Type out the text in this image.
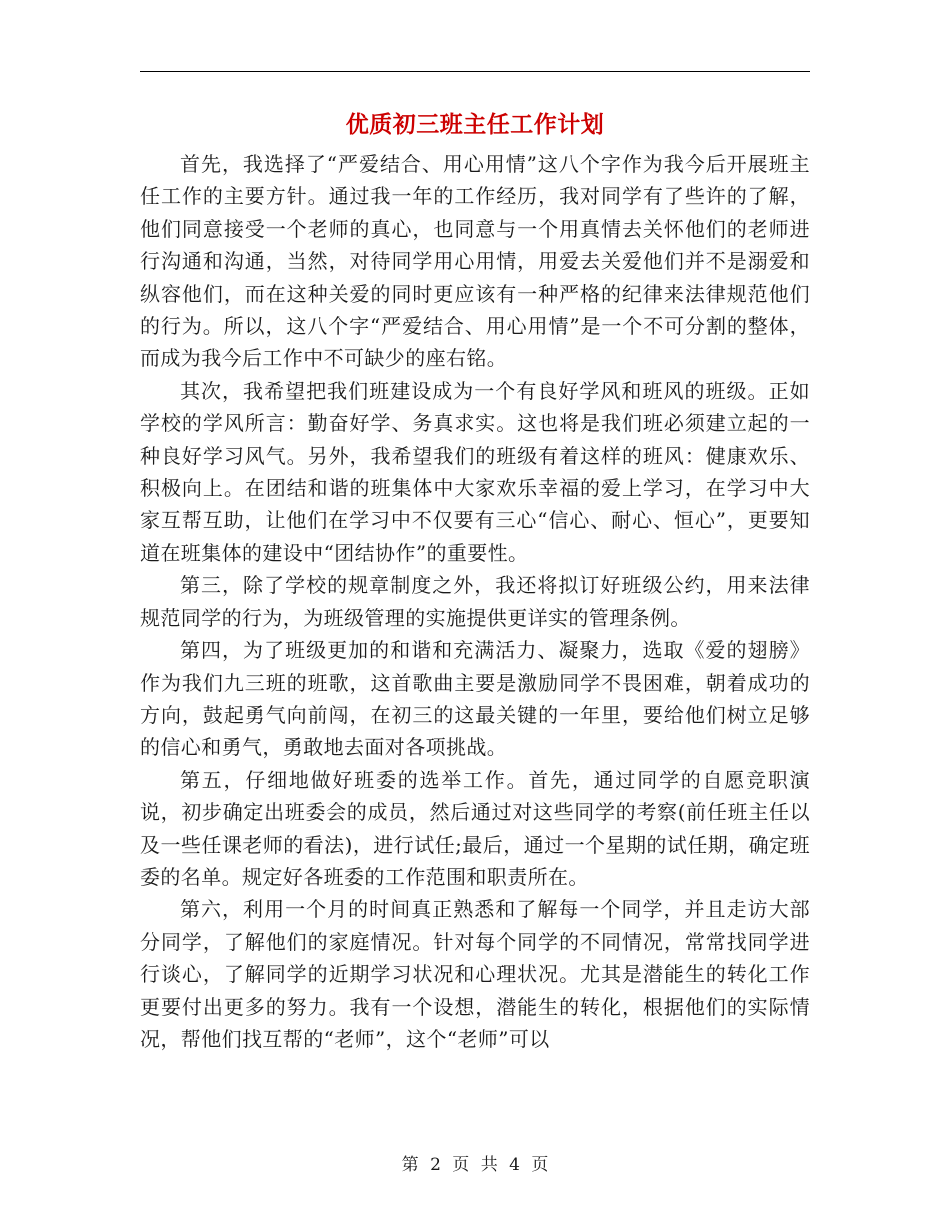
优质初三班主任工作计划

首先，我选择了“严爱结合、用心用情”这八个字作为我今后开展班主任工作的主要方针。通过我一年的工作经历，我对同学有了些许的了解，他们同意接受一个老师的真心，也同意与一个用真情去关怀他们的老师进行沟通和沟通，当然，对待同学用心用情，用爱去关爱他们并不是溺爱和纵容他们，而在这种关爱的同时更应该有一种严格的纪律来法律规范他们的行为。所以，这八个字“严爱结合、用心用情”是一个不可分割的整体，而成为我今后工作中不可缺少的座右铭。

其次，我希望把我们班建设成为一个有良好学风和班风的班级。正如学校的学风所言：勤奋好学、务真求实。这也将是我们班必须建立起的一种良好学习风气。另外，我希望我们的班级有着这样的班风：健康欢乐、积极向上。在团结和谐的班集体中大家欢乐幸福的爱上学习，在学习中大家互帮互助，让他们在学习中不仅要有三心“信心、耐心、恒心”，更要知道在班集体的建设中“团结协作”的重要性。

第三，除了学校的规章制度之外，我还将拟订好班级公约，用来法律规范同学的行为，为班级管理的实施提供更详实的管理条例。

第四，为了班级更加的和谐和充满活力、凝聚力，选取《爱的翅膀》作为我们九三班的班歌，这首歌曲主要是激励同学不畏困难，朝着成功的方向，鼓起勇气向前闯，在初三的这最关键的一年里，要给他们树立足够的信心和勇气，勇敢地去面对各项挑战。

第五，仔细地做好班委的选举工作。首先，通过同学的自愿竞职演说，初步确定出班委会的成员，然后通过对这些同学的考察(前任班主任以及一些任课老师的看法)，进行试任;最后，通过一个星期的试任期，确定班委的名单。规定好各班委的工作范围和职责所在。

第六，利用一个月的时间真正熟悉和了解每一个同学，并且走访大部分同学，了解他们的家庭情况。针对每个同学的不同情况，常常找同学进行谈心，了解同学的近期学习状况和心理状况。尤其是潜能生的转化工作更要付出更多的努力。我有一个设想，潜能生的转化，根据他们的实际情况，帮他们找互帮的“老师”，这个“老师”可以

第 2 页 共 4 页
